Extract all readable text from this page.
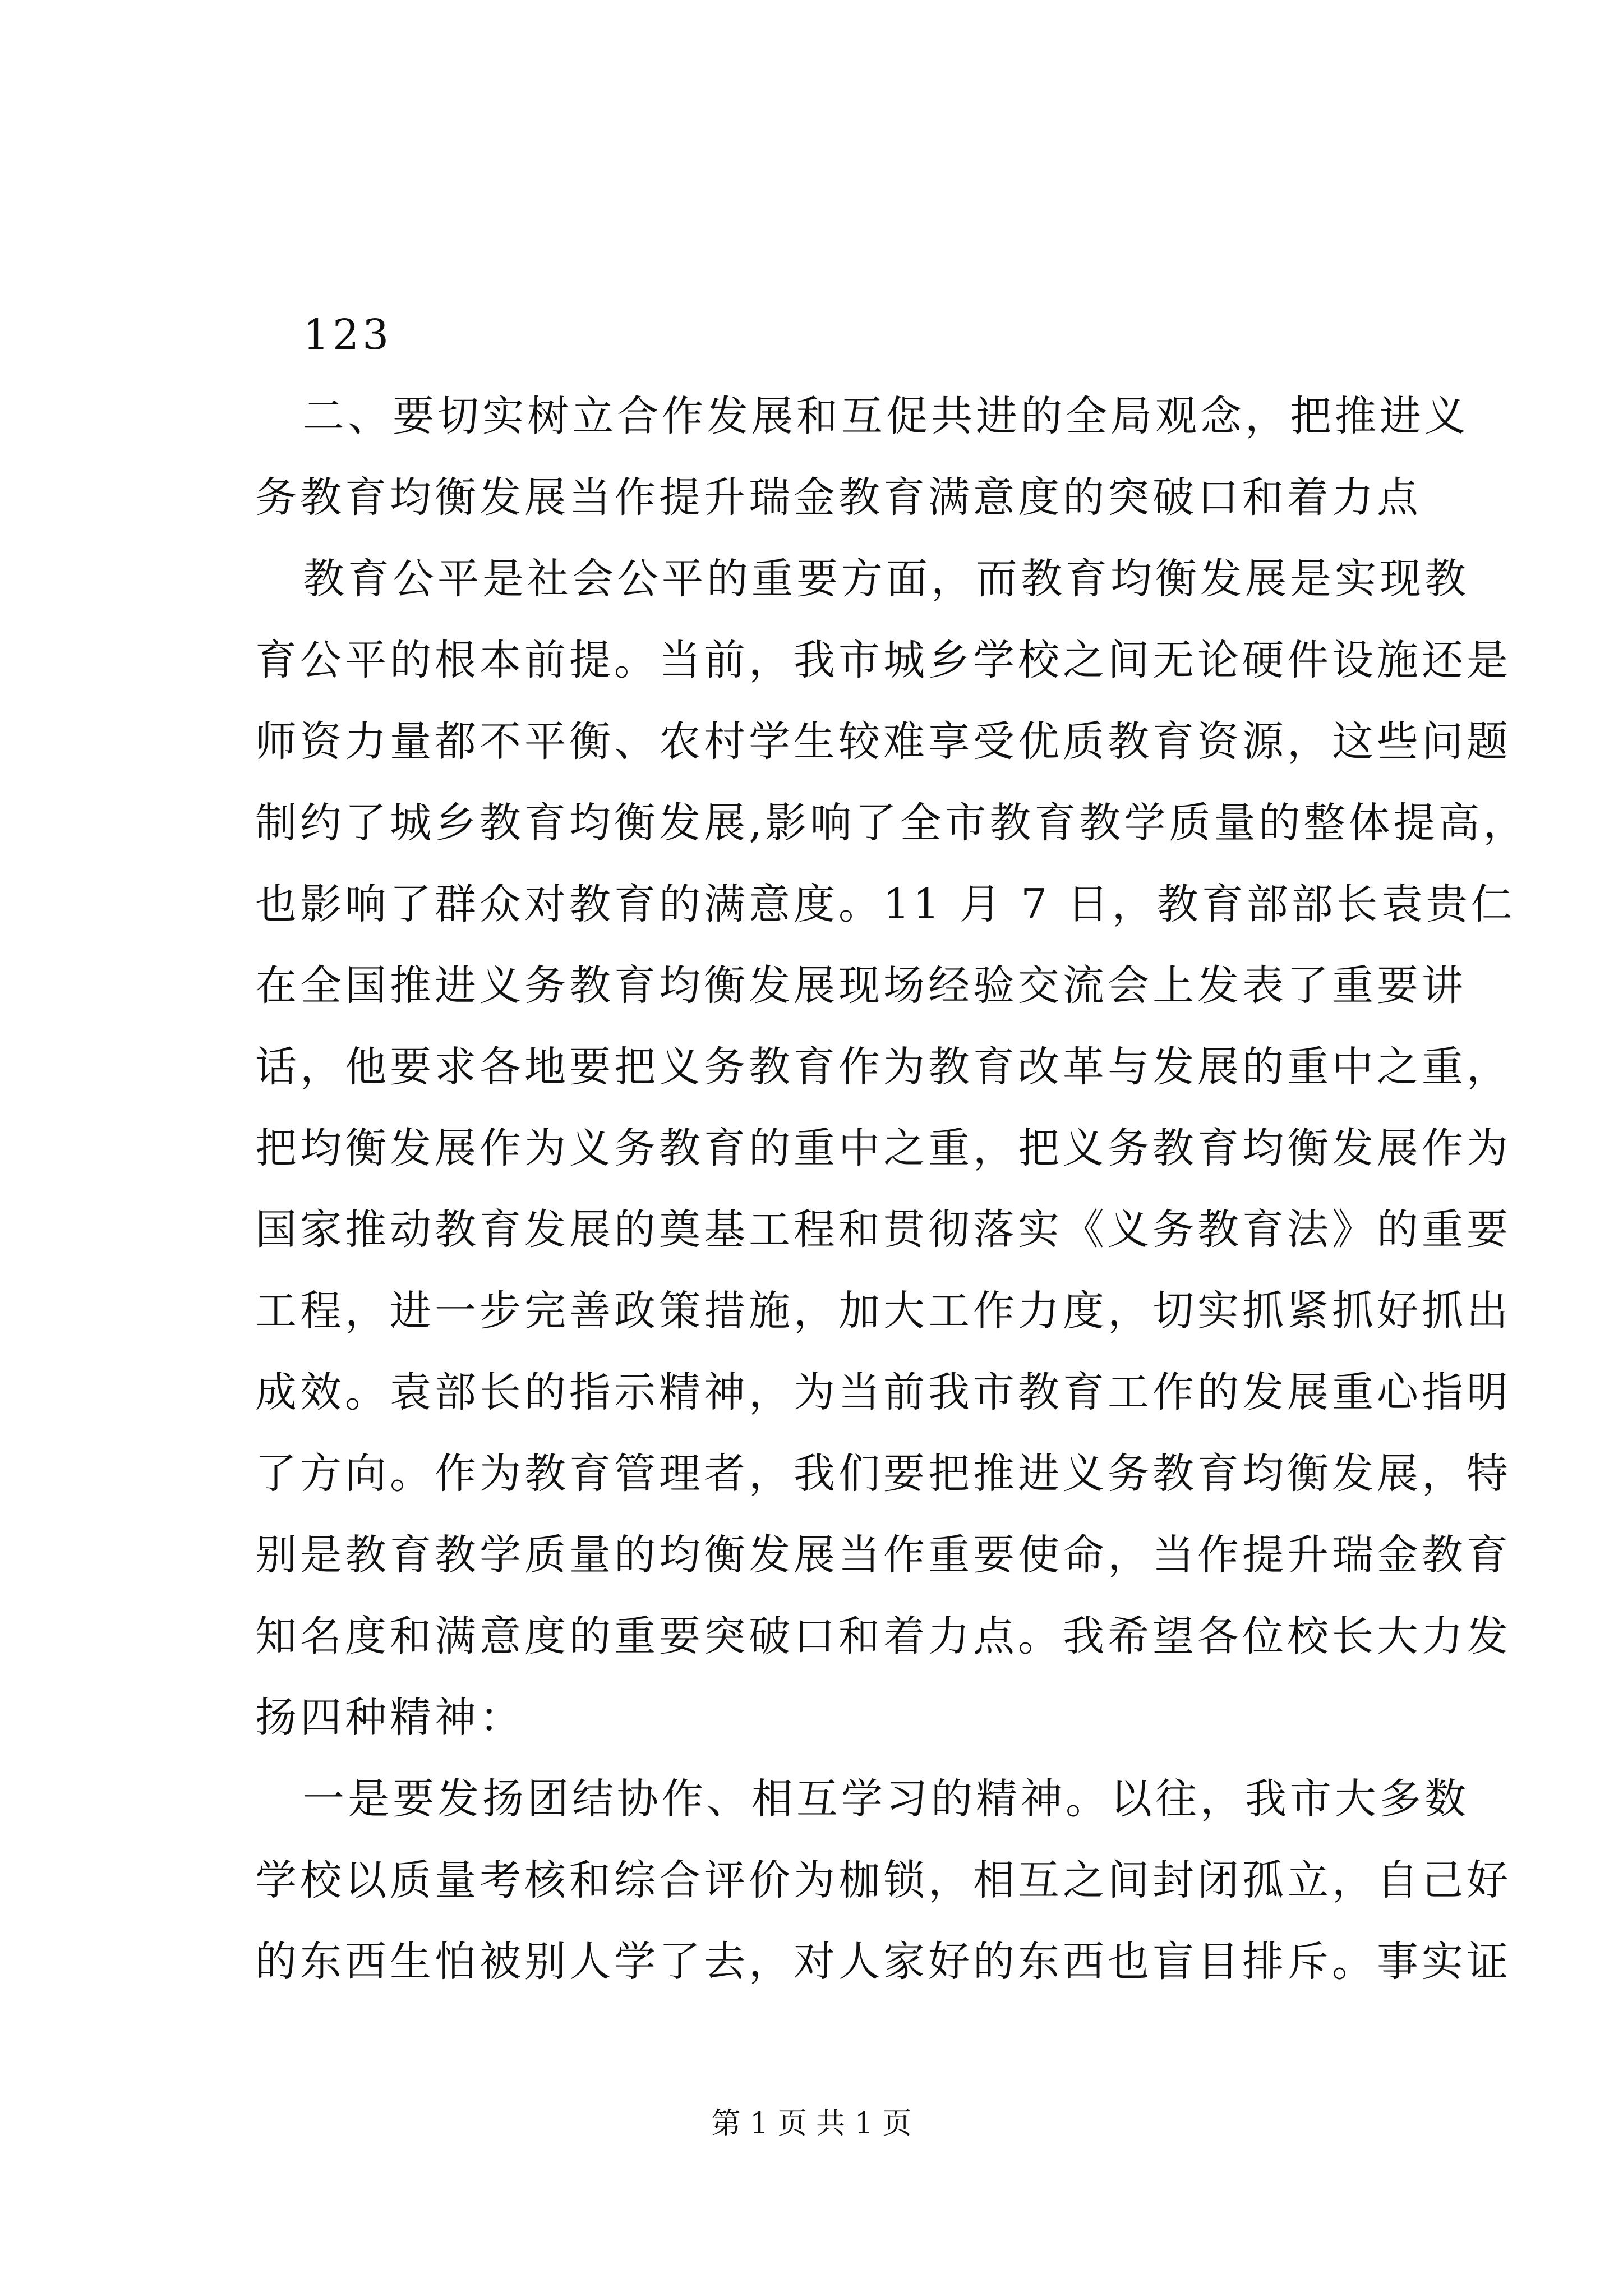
123
二、要切实树立合作发展和互促共进的全局观念，把推进义
务教育均衡发展当作提升瑞金教育满意度的突破口和着力点
教育公平是社会公平的重要方面，而教育均衡发展是实现教
育公平的根本前提。当前，我市城乡学校之间无论硬件设施还是
师资力量都不平衡、农村学生较难享受优质教育资源，这些问题
制约了城乡教育均衡发展,影响了全市教育教学质量的整体提高，
也影响了群众对教育的满意度。11 月 7 日，教育部部长袁贵仁
在全国推进义务教育均衡发展现场经验交流会上发表了重要讲
话，他要求各地要把义务教育作为教育改革与发展的重中之重，
把均衡发展作为义务教育的重中之重，把义务教育均衡发展作为
国家推动教育发展的奠基工程和贯彻落实《义务教育法》的重要
工程，进一步完善政策措施，加大工作力度，切实抓紧抓好抓出
成效。袁部长的指示精神，为当前我市教育工作的发展重心指明
了方向。作为教育管理者，我们要把推进义务教育均衡发展，特
别是教育教学质量的均衡发展当作重要使命，当作提升瑞金教育
知名度和满意度的重要突破口和着力点。我希望各位校长大力发
扬四种精神：
一是要发扬团结协作、相互学习的精神。以往，我市大多数
学校以质量考核和综合评价为枷锁，相互之间封闭孤立，自己好
的东西生怕被别人学了去，对人家好的东西也盲目排斥。事实证
第 1 页 共 1 页
